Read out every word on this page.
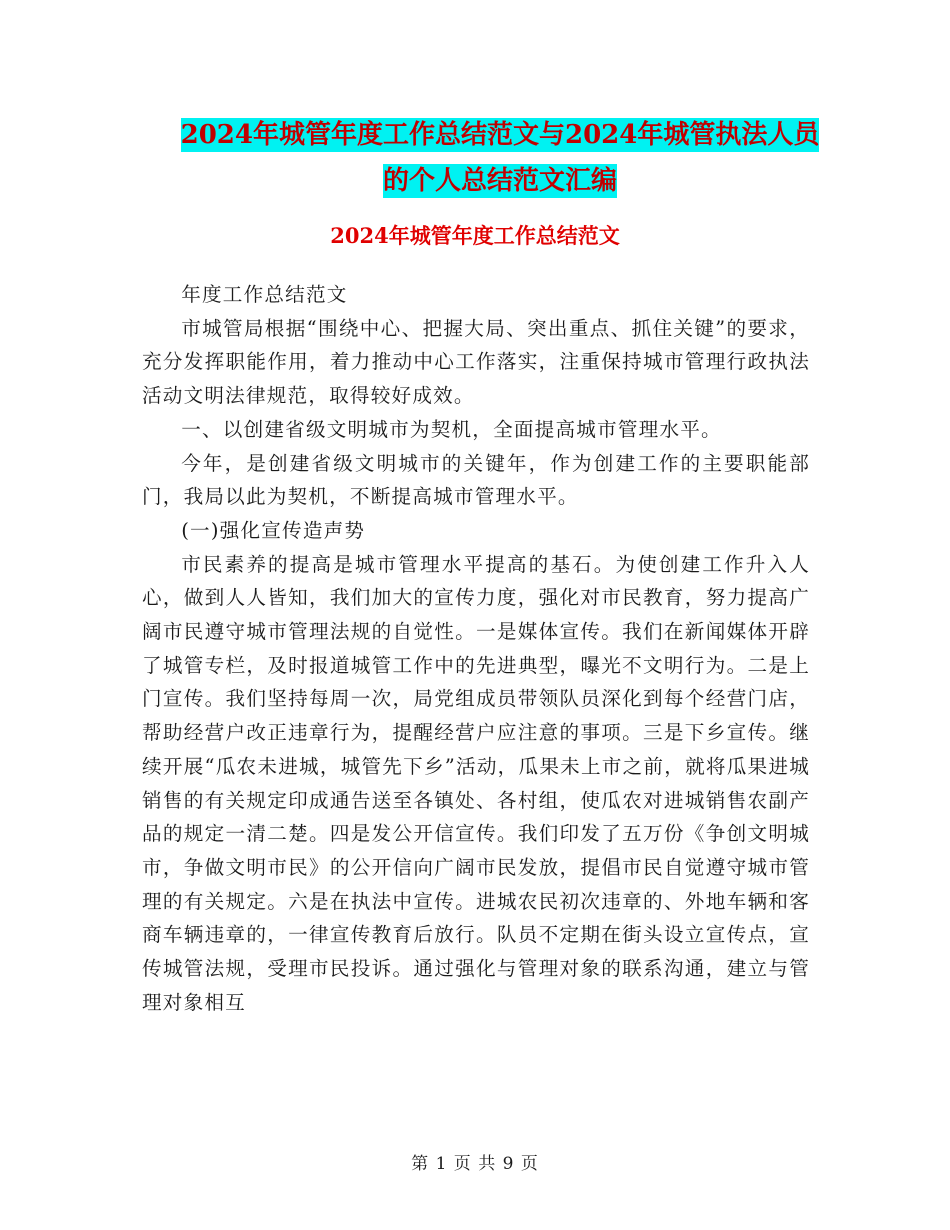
2024年城管年度工作总结范文与2024年城管执法人员
的个人总结范文汇编
2024年城管年度工作总结范文

年度工作总结范文

市城管局根据“围绕中心、把握大局、突出重点、抓住关键”的要求，充分发挥职能作用，着力推动中心工作落实，注重保持城市管理行政执法活动文明法律规范，取得较好成效。

一、以创建省级文明城市为契机，全面提高城市管理水平。

今年，是创建省级文明城市的关键年，作为创建工作的主要职能部门，我局以此为契机，不断提高城市管理水平。

(一)强化宣传造声势

市民素养的提高是城市管理水平提高的基石。为使创建工作升入人心，做到人人皆知，我们加大的宣传力度，强化对市民教育，努力提高广阔市民遵守城市管理法规的自觉性。一是媒体宣传。我们在新闻媒体开辟了城管专栏，及时报道城管工作中的先进典型，曝光不文明行为。二是上门宣传。我们坚持每周一次，局党组成员带领队员深化到每个经营门店，帮助经营户改正违章行为，提醒经营户应注意的事项。三是下乡宣传。继续开展“瓜农未进城，城管先下乡”活动，瓜果未上市之前，就将瓜果进城销售的有关规定印成通告送至各镇处、各村组，使瓜农对进城销售农副产品的规定一清二楚。四是发公开信宣传。我们印发了五万份《争创文明城市，争做文明市民》的公开信向广阔市民发放，提倡市民自觉遵守城市管理的有关规定。六是在执法中宣传。进城农民初次违章的、外地车辆和客商车辆违章的，一律宣传教育后放行。队员不定期在街头设立宣传点，宣传城管法规，受理市民投诉。通过强化与管理对象的联系沟通，建立与管理对象相互

第 1 页 共 9 页
